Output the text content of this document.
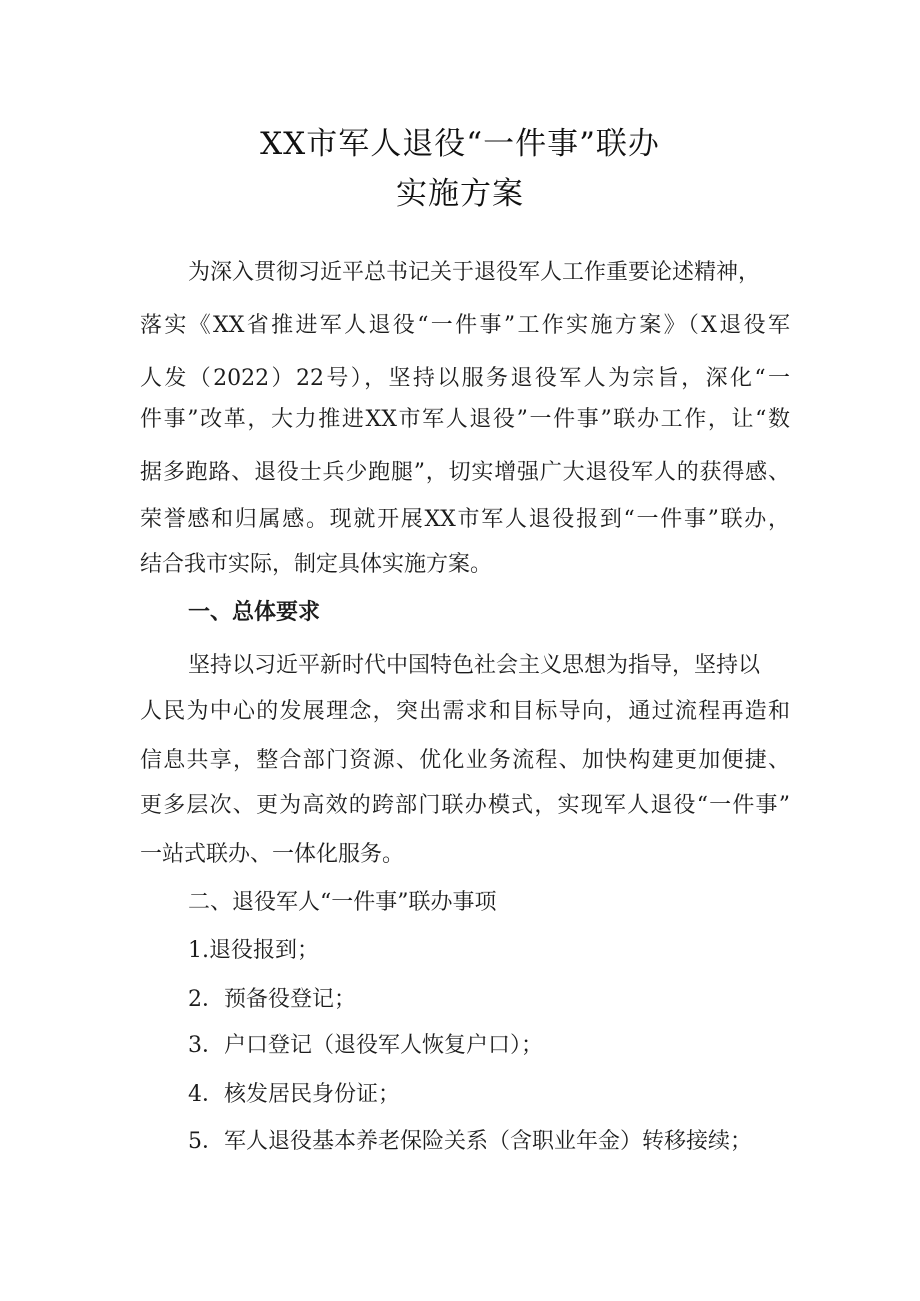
XX市军人退役“一件事”联办
实施方案
为深入贯彻习近平总书记关于退役军人工作重要论述精神，
落实《XX省推进军人退役“一件事”工作实施方案》（X退役军
人发（2022）22号），坚持以服务退役军人为宗旨，深化“一
件事”改革，大力推进XX市军人退役”一件事”联办工作，让“数
据多跑路、退役士兵少跑腿”，切实增强广大退役军人的获得感、
荣誉感和归属感。现就开展XX市军人退役报到“一件事”联办，
结合我市实际，制定具体实施方案。
一、总体要求
坚持以习近平新时代中国特色社会主义思想为指导，坚持以
人民为中心的发展理念，突出需求和目标导向，通过流程再造和
信息共享，整合部门资源、优化业务流程、加快构建更加便捷、
更多层次、更为高效的跨部门联办模式，实现军人退役“一件事”
一站式联办、一体化服务。
二、退役军人“一件事”联办事项
1.退役报到；
2．预备役登记；
3．户口登记（退役军人恢复户口）；
4．核发居民身份证；
5．军人退役基本养老保险关系（含职业年金）转移接续；
